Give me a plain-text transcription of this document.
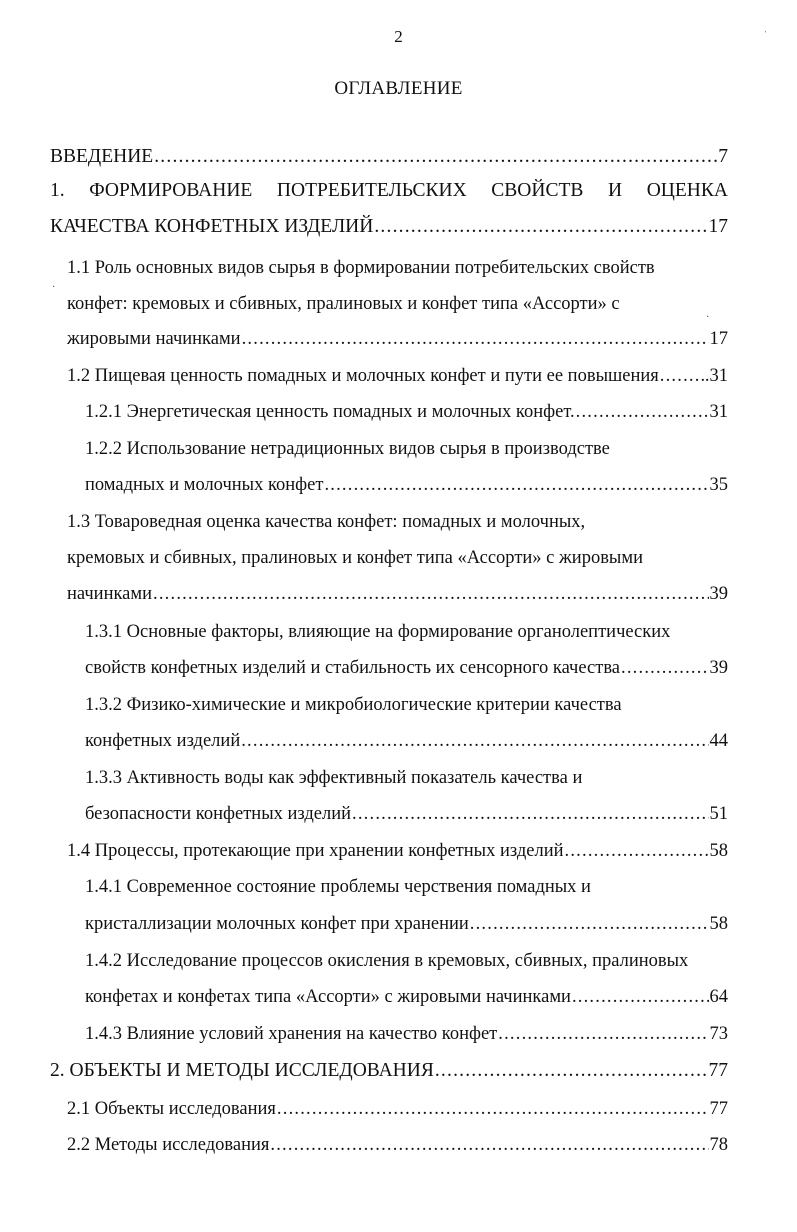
2
ОГЛАВЛЕНИЕ
ВВЕДЕНИЕ .....	7
1. ФОРМИРОВАНИЕ ПОТРЕБИТЕЛЬСКИХ СВОЙСТВ И ОЦЕНКА
КАЧЕСТВА КОНФЕТНЫХ ИЗДЕЛИЙ .....	17
1.1 Роль основных видов сырья в формировании потребительских свойств
конфет: кремовых и сбивных, пралиновых и конфет типа «Ассорти» с
жировыми начинками .....	17
1.2 Пищевая ценность помадных и молочных конфет и пути ее повышения ..... .31
1.2.1 Энергетическая ценность помадных и молочных конфет. .....	31
1.2.2 Использование нетрадиционных видов сырья в производстве
помадных и молочных конфет .....	35
1.3 Товароведная оценка качества конфет: помадных и молочных,
кремовых и сбивных, пралиновых и конфет типа «Ассорти» с жировыми
начинками .....	39
1.3.1 Основные факторы, влияющие на формирование органолептических
свойств конфетных изделий и стабильность их сенсорного качества .....	39
1.3.2 Физико-химические и микробиологические критерии качества
конфетных изделий .....	44
1.3.3 Активность воды как эффективный показатель качества и
безопасности конфетных изделий .....	51
1.4 Процессы, протекающие при хранении конфетных изделий .....	58
1.4.1 Современное состояние проблемы черствения помадных и
кристаллизации молочных конфет при хранении .....	58
1.4.2 Исследование процессов окисления в кремовых, сбивных, пралиновых
конфетах и конфетах типа «Ассорти» с жировыми начинками .....	64
1.4.3 Влияние условий хранения на качество конфет .....	73
2. ОБЪЕКТЫ И МЕТОДЫ ИССЛЕДОВАНИЯ .....	77
2.1 Объекты исследования .....	77
2.2 Методы исследования .....	78
ˈ
·
·
